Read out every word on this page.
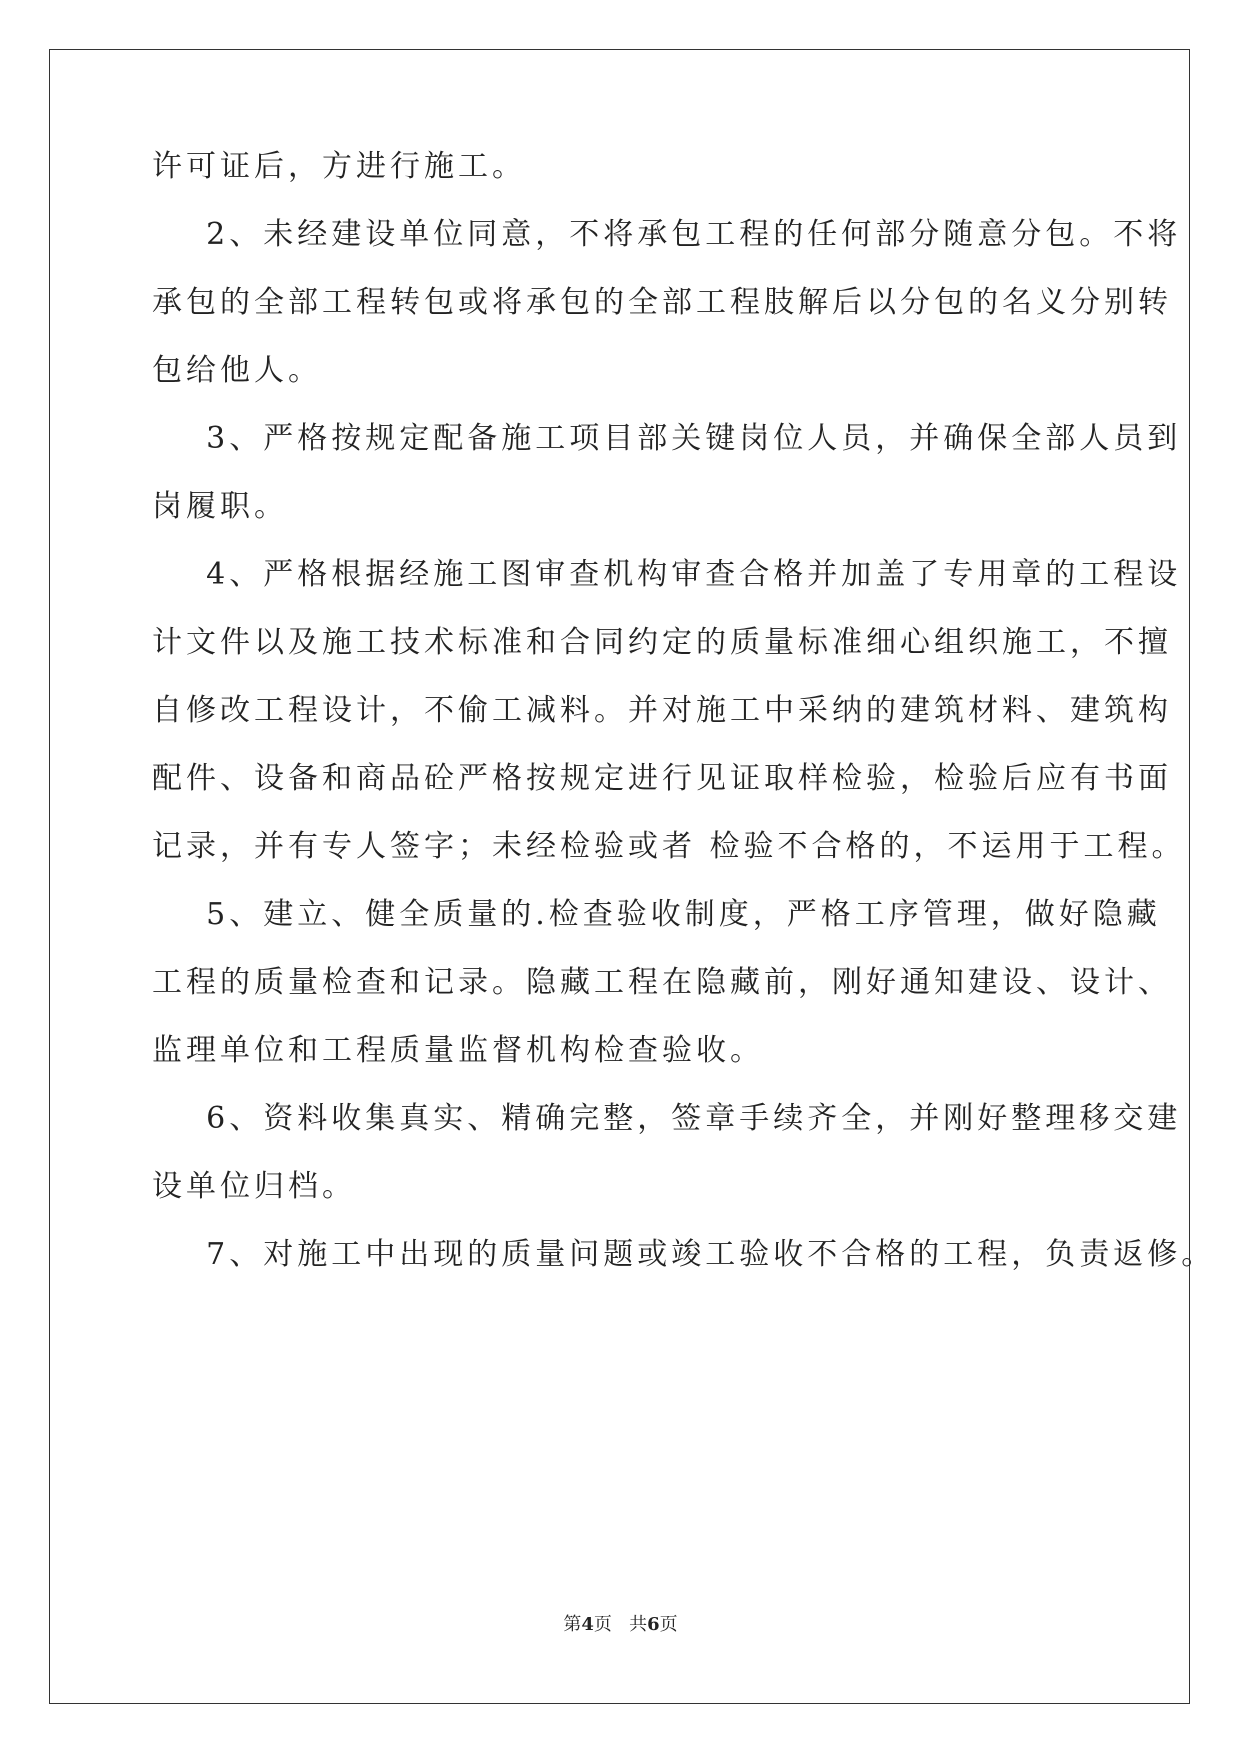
许可证后，方进行施工。
2、未经建设单位同意，不将承包工程的任何部分随意分包。不将
承包的全部工程转包或将承包的全部工程肢解后以分包的名义分别转
包给他人。
3、严格按规定配备施工项目部关键岗位人员，并确保全部人员到
岗履职。
4、严格根据经施工图审查机构审查合格并加盖了专用章的工程设
计文件以及施工技术标准和合同约定的质量标准细心组织施工，不擅
自修改工程设计，不偷工减料。并对施工中采纳的建筑材料、建筑构
配件、设备和商品砼严格按规定进行见证取样检验，检验后应有书面
记录，并有专人签字；未经检验或者 检验不合格的，不运用于工程。
5、建立、健全质量的.检查验收制度，严格工序管理，做好隐藏
工程的质量检查和记录。隐藏工程在隐藏前，刚好通知建设、设计、
监理单位和工程质量监督机构检查验收。
6、资料收集真实、精确完整，签章手续齐全，并刚好整理移交建
设单位归档。
7、对施工中出现的质量问题或竣工验收不合格的工程，负责返修。
第4页   共6页
